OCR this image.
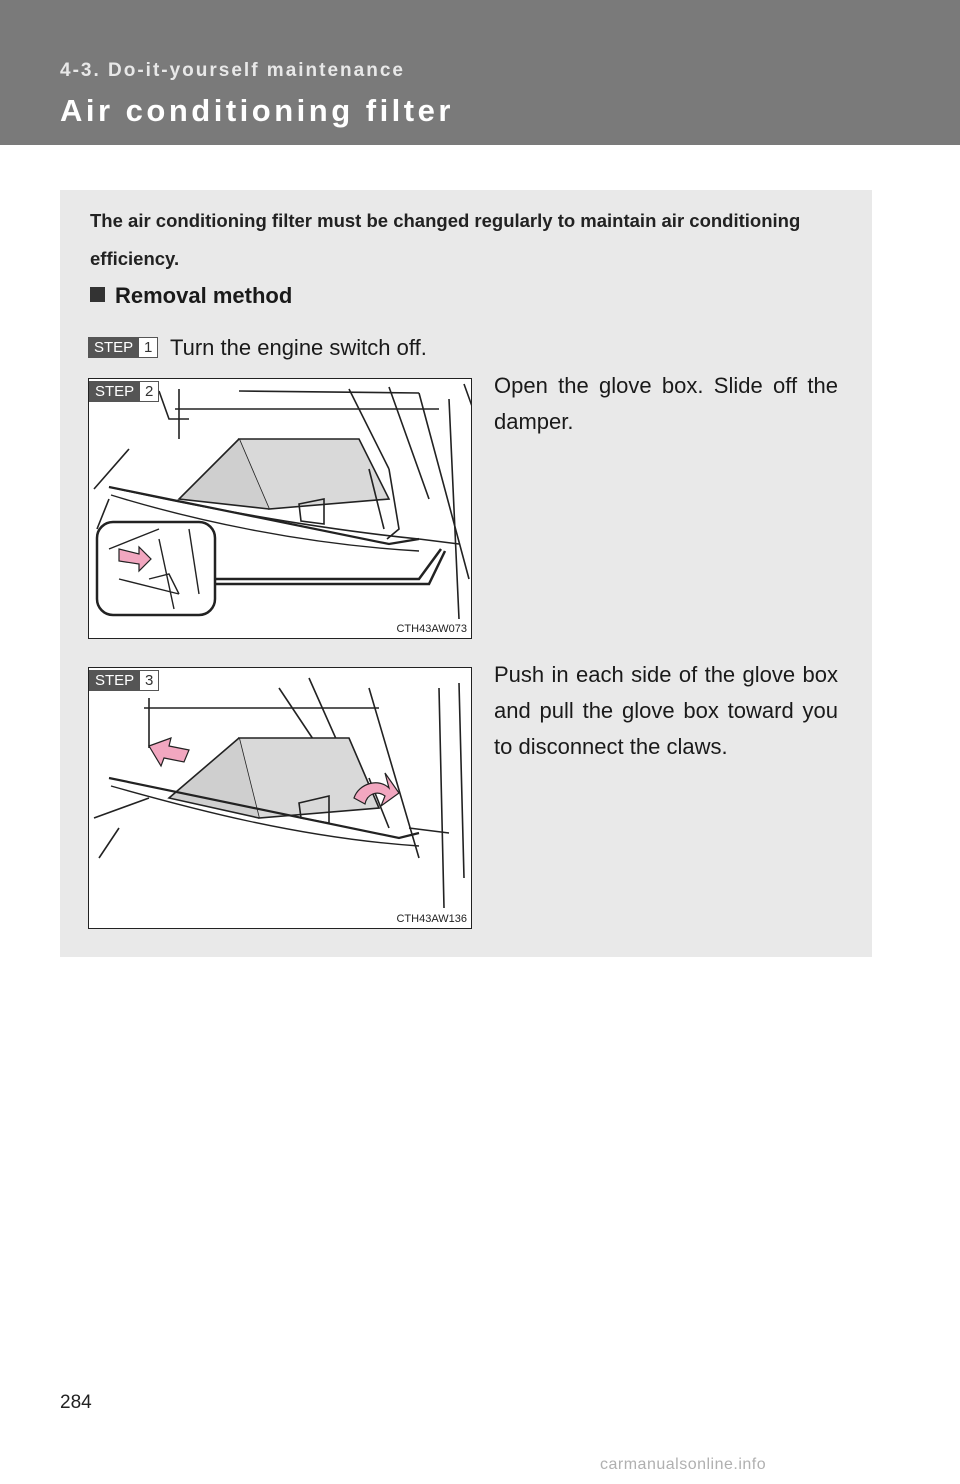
4-3. Do-it-yourself maintenance
Air conditioning filter
The air conditioning filter must be changed regularly to maintain air conditioning efficiency.
Removal method
STEP 1 Turn the engine switch off.
STEP 2
CTH43AW073
Open the glove box. Slide off the damper.
STEP 3
CTH43AW136
Push in each side of the glove box and pull the glove box toward you to disconnect the claws.
284
carmanualsonline.info
